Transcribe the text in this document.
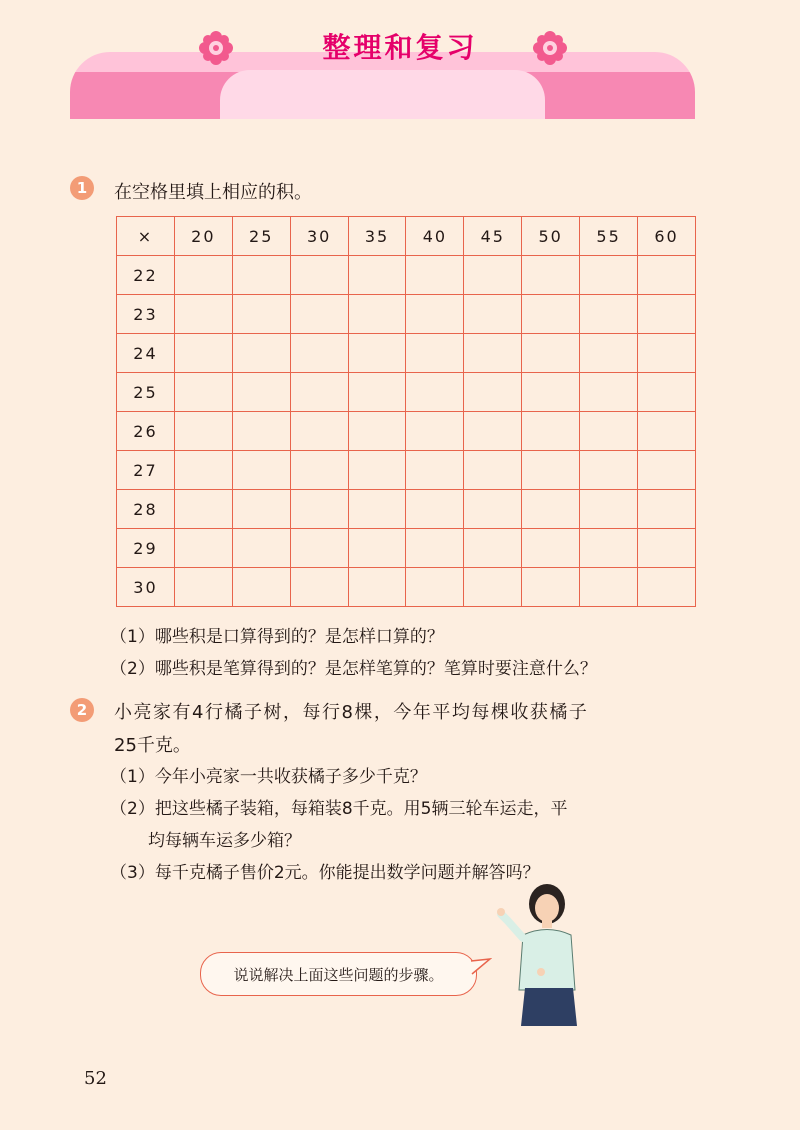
整理和复习
1	在空格里填上相应的积。
×	20	25	30	35	40	45	50	55	60
22									
23									
24									
25									
26									
27									
28									
29									
30									
（1）哪些积是口算得到的？是怎样口算的？
（2）哪些积是笔算得到的？是怎样笔算的？笔算时要注意什么？
2	小亮家有4行橘子树，每行8棵，今年平均每棵收获橘子
25千克。
（1）今年小亮家一共收获橘子多少千克？
（2）把这些橘子装箱，每箱装8千克。用5辆三轮车运走，平
均每辆车运多少箱？
（3）每千克橘子售价2元。你能提出数学问题并解答吗？
说说解决上面这些问题的步骤。
52
